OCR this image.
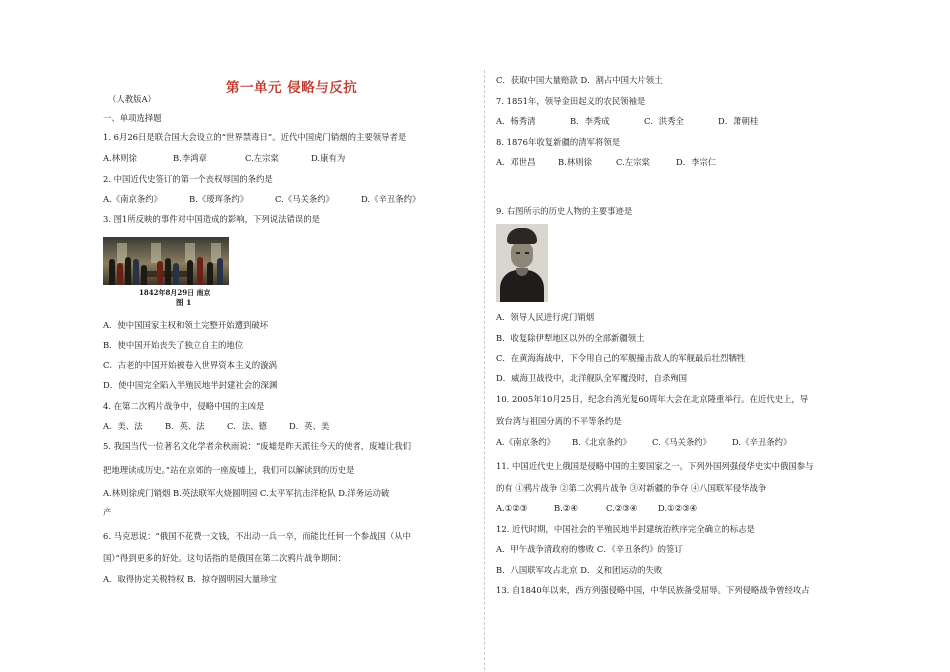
第一单元 侵略与反抗
（人教版A）
一、单项选择题
1. 6月26日是联合国大会设立的“世界禁毒日”。近代中国虎门销烟的主要领导者是
A.林则徐	B.李鸿章	C.左宗棠	D.康有为
2. 中国近代史签订的第一个丧权辱国的条约是
A.《南京条约》	B.《瑷珲条约》	C.《马关条约》	D.《辛丑条约》
3. 图1所反映的事件对中国造成的影响，下列说法错误的是
1842年8月29日 南京
图 1
A．使中国国家主权和领土完整开始遭到破坏
B．使中国开始丧失了独立自主的地位
C．古老的中国开始被卷入世界资本主义的漩涡
D．使中国完全陷入半殖民地半封建社会的深渊
4. 在第二次鸦片战争中，侵略中国的主凶是
A．美、法	B．英、法	C．法、德	D．英、美
5. 我国当代一位著名文化学者余秋雨说：“废墟是昨天派往今天的使者，废墟让我们
把地理读成历史。”站在京郊的一座废墟上，我们可以解读到的历史是
A.林则徐虎门销烟 B.英法联军火烧圆明园 C.太平军抗击洋枪队 D.洋务运动破
产
6. 马克思说：“俄国不花费一文钱，不出动一兵一卒，而能比任何一个参战国（从中
国）”得到更多的好处。这句话指的是俄国在第二次鸦片战争期间：
A．取得协定关税特权 B．掠夺圆明园大量珍宝
C．获取中国大量赔款 D．割占中国大片领土
7. 1851年，领导金田起义的农民领袖是
A．杨秀清	B．李秀成	C．洪秀全	D．萧朝桂
8. 1876年收复新疆的清军将领是
A．邓世昌	B.林则徐	C.左宗棠	D．李宗仁
9. 右图所示的历史人物的主要事迹是
A．领导人民进行虎门销烟
B．收复除伊犁地区以外的全部新疆领土
C．在黄海海战中，下令用自己的军舰撞击敌人的军舰最后壮烈牺牲
D．威海卫战役中，北洋舰队全军覆没时，自杀殉国
10. 2005年10月25日，纪念台湾光复60周年大会在北京隆重举行。在近代史上，导
致台湾与祖国分离的不平等条约是
A.《南京条约》 B.《北京条约》 C.《马关条约》 D.《辛丑条约》
11. 中国近代史上俄国是侵略中国的主要国家之一。下列外国列强侵华史实中俄国参与
的有 ①鸦片战争 ②第二次鸦片战争 ③对新疆的争夺 ④八国联军侵华战争
A.①②③	B.②④	C.②③④ D.①②③④
12. 近代时期，中国社会的半殖民地半封建统治秩序完全确立的标志是
A．甲午战争清政府的惨败 C．《辛丑条约》的签订
B．八国联军攻占北京 D．义和团运动的失败
13. 自1840年以来，西方列强侵略中国，中华民族备受屈辱。下列侵略战争曾经攻占
